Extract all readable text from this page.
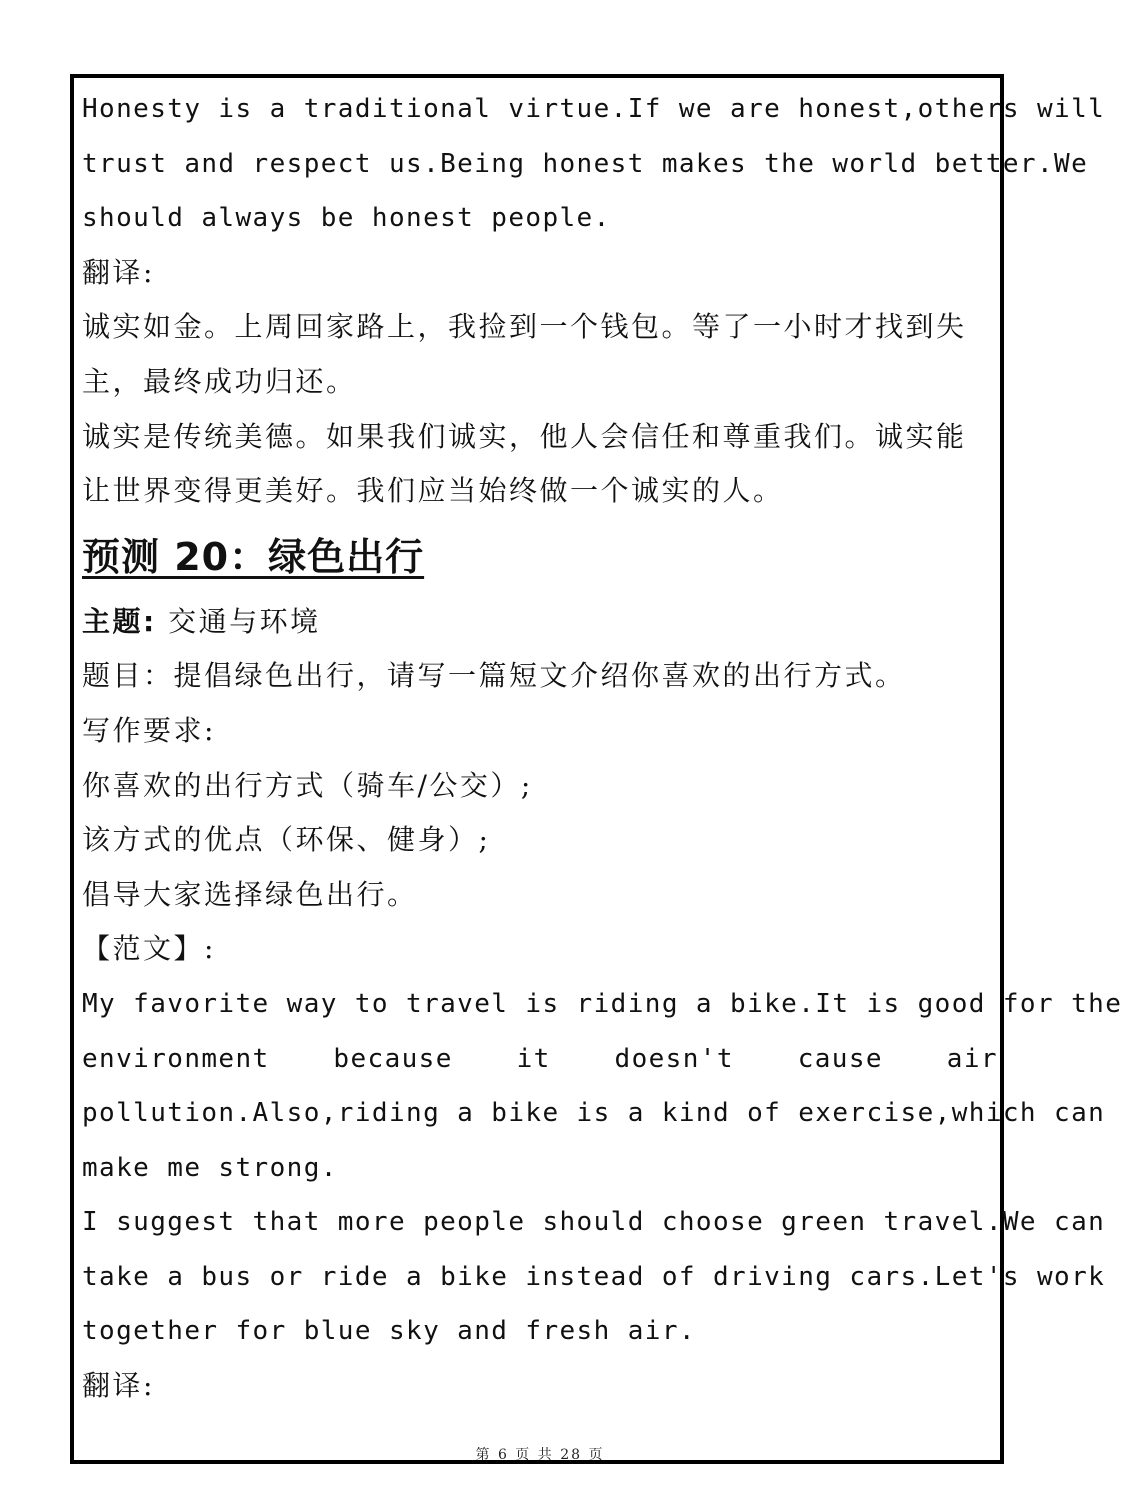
Honesty is a traditional virtue.If we are honest,others will
trust and respect us.Being honest makes the world better.We
should always be honest people.
翻译:
诚实如金。上周回家路上，我捡到一个钱包。等了一小时才找到失
主，最终成功归还。
诚实是传统美德。如果我们诚实，他人会信任和尊重我们。诚实能
让世界变得更美好。我们应当始终做一个诚实的人。
预测 20：绿色出行
主题: 交通与环境
题目：提倡绿色出行，请写一篇短文介绍你喜欢的出行方式。
写作要求:
你喜欢的出行方式（骑车/公交）;
该方式的优点（环保、健身）;
倡导大家选择绿色出行。
【范文】:
My favorite way to travel is riding a bike.It is good for the
environment because it doesn't cause air
pollution.Also,riding a bike is a kind of exercise,which can
make me strong.
I suggest that more people should choose green travel.We can
take a bus or ride a bike instead of driving cars.Let's work
together for blue sky and fresh air.
翻译:
第 6 页 共 28 页
